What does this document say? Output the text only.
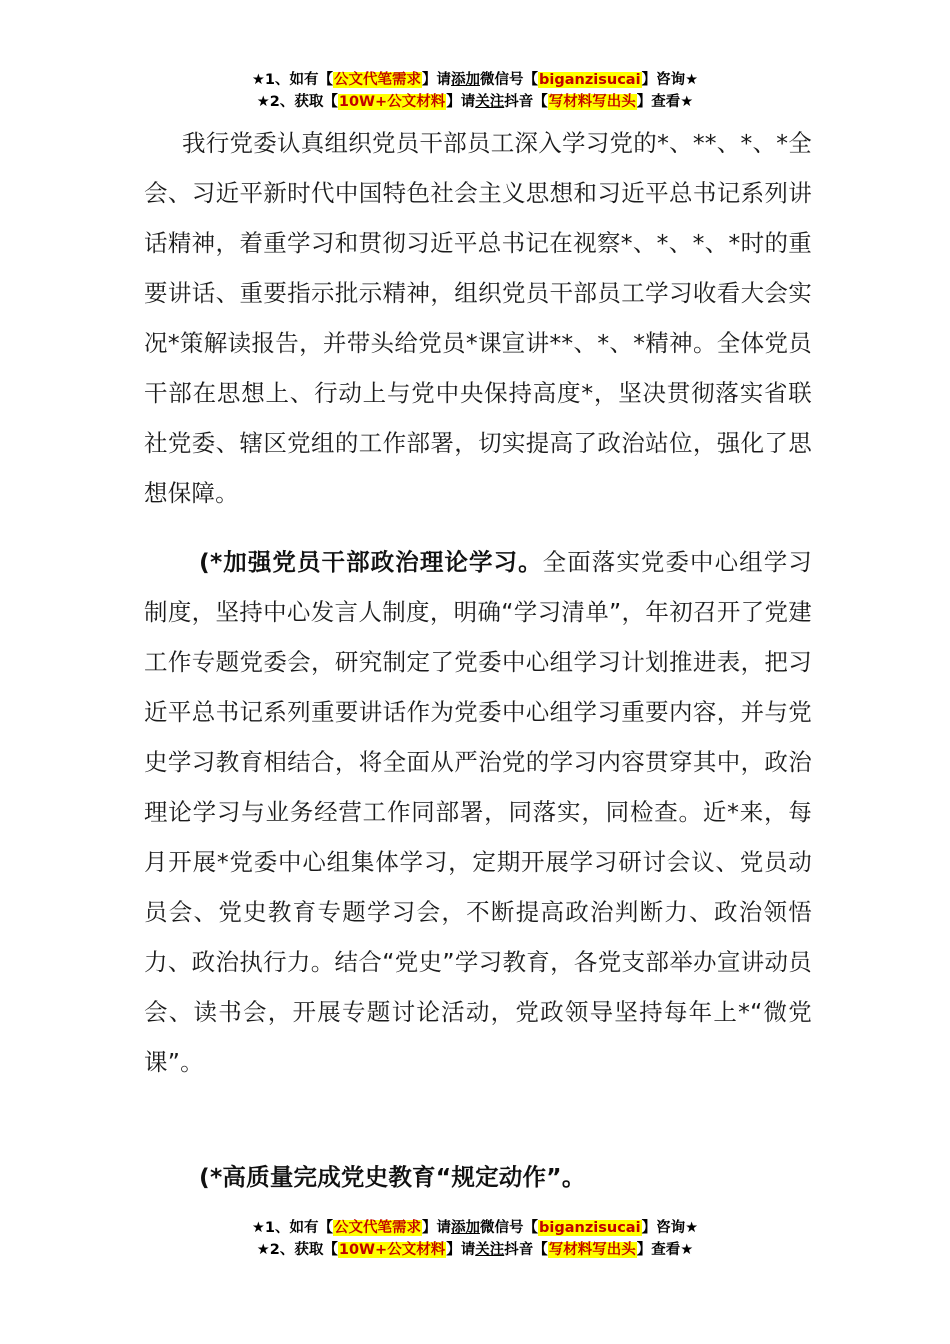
★1、如有【公文代笔需求】请添加微信号【biganzisucai】咨询★
★2、获取【10W+公文材料】请关注抖音【写材料写出头】查看★
我行党委认真组织党员干部员工深入学习党的*、**、*、*全会、习近平新时代中国特色社会主义思想和习近平总书记系列讲话精神，着重学习和贯彻习近平总书记在视察*、*、*、*时的重要讲话、重要指示批示精神，组织党员干部员工学习收看大会实况*策解读报告，并带头给党员*课宣讲**、*、*精神。全体党员干部在思想上、行动上与党中央保持高度*，坚决贯彻落实省联社党委、辖区党组的工作部署，切实提高了政治站位，强化了思想保障。
(*加强党员干部政治理论学习。全面落实党委中心组学习制度，坚持中心发言人制度，明确“学习清单”，年初召开了党建工作专题党委会，研究制定了党委中心组学习计划推进表，把习近平总书记系列重要讲话作为党委中心组学习重要内容，并与党史学习教育相结合，将全面从严治党的学习内容贯穿其中，政治理论学习与业务经营工作同部署，同落实，同检查。近*来，每月开展*党委中心组集体学习，定期开展学习研讨会议、党员动员会、党史教育专题学习会，不断提高政治判断力、政治领悟力、政治执行力。结合“党史”学习教育，各党支部举办宣讲动员会、读书会，开展专题讨论活动，党政领导坚持每年上*“微党课”。
(*高质量完成党史教育“规定动作”。
★1、如有【公文代笔需求】请添加微信号【biganzisucai】咨询★
★2、获取【10W+公文材料】请关注抖音【写材料写出头】查看★
